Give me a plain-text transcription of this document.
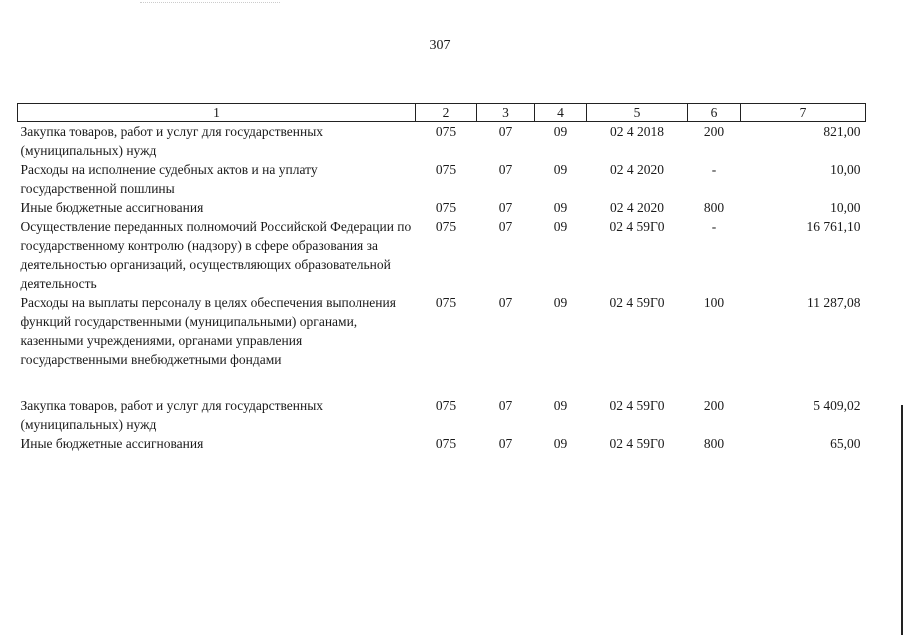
307
1	2	3	4	5	6	7
Закупка товаров, работ и услуг для государственных (муниципальных) нужд	075	07	09	02 4 2018	200	821,00
Расходы на исполнение судебных актов и на уплату государственной пошлины	075	07	09	02 4 2020	-	10,00
Иные бюджетные ассигнования	075	07	09	02 4 2020	800	10,00
Осуществление переданных полномочий Российской Федерации по государственному контролю (надзору) в сфере образования за деятельностью организаций, осуществляющих образовательной деятельность	075	07	09	02 4 59Г0	-	16 761,10
Расходы на выплаты персоналу в целях обеспечения выполнения функций государственными (муниципальными) органами, казенными учреждениями, органами управления государственными внебюджетными фондами	075	07	09	02 4 59Г0	100	11 287,08
Закупка товаров, работ и услуг для государственных (муниципальных) нужд	075	07	09	02 4 59Г0	200	5 409,02
Иные бюджетные ассигнования	075	07	09	02 4 59Г0	800	65,00
